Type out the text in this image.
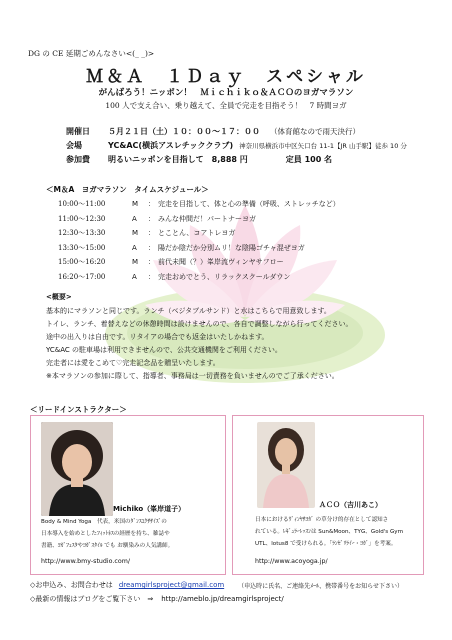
DG の CE 延期ごめんなさい<(_ _)>
Ｍ＆Ａ　１Ｄａｙ　スペシャル
がんばろう！ニッポン！　Ｍｉｃｈｉｋｏ＆ＡＣＯのヨガマラソン
100 人で支え合い、乗り越えて、全員で完走を目指そう！　7 時間ヨガ
開催日	５月２１日（土）１０：００～１７：００ （体育館なので雨天決行）
会場	YC&AC(横浜アスレチッククラブ) 神奈川県横浜市中区矢口台 11-1【JR 山手駅】徒歩 10 分
参加費	明るいニッポンを目指して　8,888 円	定員 100 名
＜M＆A　ヨガマラソン　タイムスケジュール＞
10:00～11:00	M	： 完走を目指して、体と心の準備（呼吸、ストレッチなど）
11:00～12:30	A	： みんな仲間だ！パートナーヨガ
12:30～13:30	M	： とことん、コアトレヨガ
13:30～15:00	A	： 陽だか陰だか分別ムリ！な陰陽ゴチャ混ぜヨガ
15:00～16:20	M	： 前代未聞（？）峯岸流ヴィンヤサフロー
16:20～17:00	A	： 完走おめでとう、リラックスクールダウン
<概要>
基本的にマラソンと同じです。ランチ（ベジタブルサンド）と水はこちらで用意致します。
トイレ、ランチ、着替えなどの休憩時間は設けませんので、各自で調整しながら行ってください。
途中の出入りは自由です。リタイアの場合でも返金はいたしかねます。
YC&AC の駐車場は利用できませんので、公共交通機関をご利用ください。
完走者には愛をこめて♡完走記念品を贈呈いたします。
※本マラソンの参加に際して、指導者、事務局は一切責務を負いませんのでご了承ください。
＜リードインストラクター＞
Michiko（峯岸道子）
Body & Mind Yoga　代表，米国のﾀﾞﾝｽｴｸｻｻｲｽﾞの
日本導入を始めとしたﾌｨｯﾄﾈｽの経歴を持ち、雑誌や
書籍、ﾖｶﾞﾌｪｽﾀやﾖｶﾞｽﾀｲﾙ でも お馴染みの人気講師。
http://www.bmy-studio.com/
ＡＣＯ（吉川あこ）
日本におけるｳﾞｨﾝﾔｻﾖｶﾞ の草分け的存在として認知さ
れている。ﾚｷﾞｭﾗｰﾚｯｽﾝは Sun&Moon、TYG、Gold's Gym
UTL、lotus8 で受けられる。「ﾗﾝｾﾞﾘﾗｲｰ・ﾖｶﾞ」を考案。
http://www.acoyoga.jp/
◇お申込み、お問合わせは dreamgirlsproject@gmail.com （申込時に氏名、ご連絡先ﾒｰﾙ、携帯番号をお知らせ下さい）
◇最新の情報はブログをご覧下さい　⇒ http://ameblo.jp/dreamgirlsproject/
